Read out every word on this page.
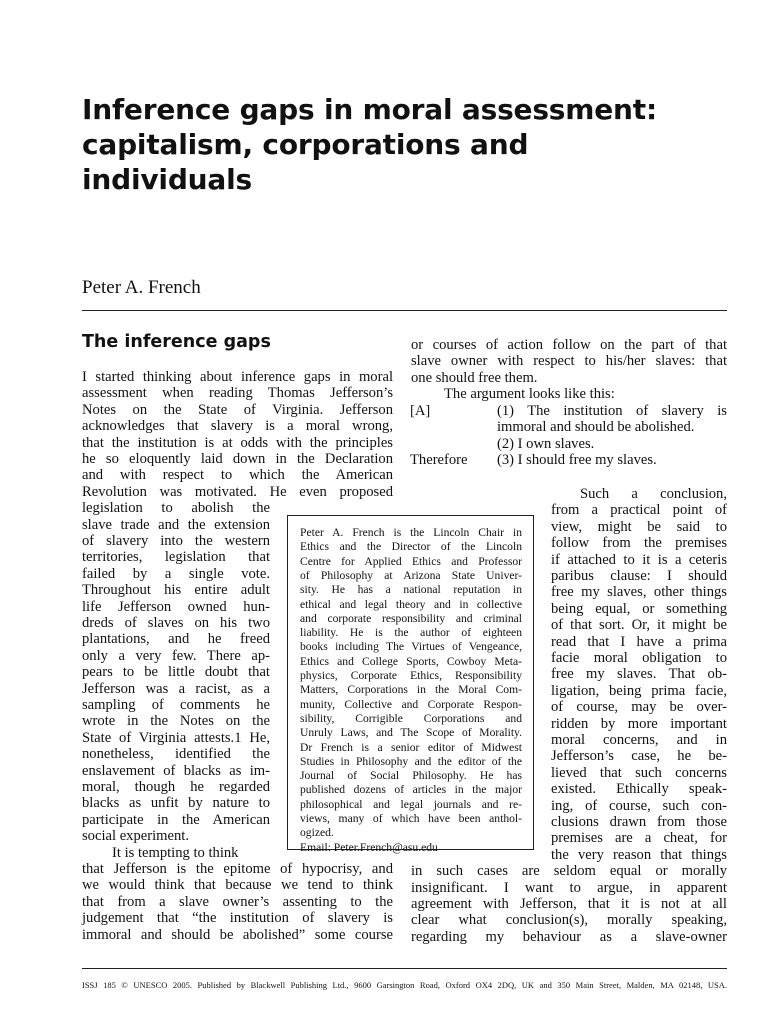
Inference gaps in moral assessment:
capitalism, corporations and
individuals
Peter A. French
The inference gaps
[A]	(1) The institution of slavery is
immoral and should be abolished.
(2) I own slaves.
Therefore (3) I should free my slaves.
Peter A. French is the Lincoln Chair in
Ethics and the Director of the Lincoln
Centre for Applied Ethics and Professor
of Philosophy at Arizona State Univer-
sity. He has a national reputation in
ethical and legal theory and in collective
and corporate responsibility and criminal
liability. He is the author of eighteen
books including The Virtues of Vengeance,
Ethics and College Sports, Cowboy Meta-
physics, Corporate Ethics, Responsibility
Matters, Corporations in the Moral Com-
munity, Collective and Corporate Respon-
sibility, Corrigible Corporations and
Unruly Laws, and The Scope of Morality.
Dr French is a senior editor of Midwest
Studies in Philosophy and the editor of the
Journal of Social Philosophy. He has
published dozens of articles in the major
philosophical and legal journals and re-
views, many of which have been anthol-
ogized.
Email: Peter.French@asu.edu
ISSJ 185 © UNESCO 2005. Published by Blackwell Publishing Ltd., 9600 Garsington Road, Oxford OX4 2DQ, UK and 350 Main Street, Malden, MA 02148, USA.
I started thinking about inference gaps in moral
assessment when reading Thomas Jefferson’s
Notes on the State of Virginia. Jefferson
acknowledges that slavery is a moral wrong,
that the institution is at odds with the principles
he so eloquently laid down in the Declaration
and with respect to which the American
Revolution was motivated. He even proposed
legislation to abolish the
slave trade and the extension
of slavery into the western
territories, legislation that
failed by a single vote.
Throughout his entire adult
life Jefferson owned hun-
dreds of slaves on his two
plantations, and he freed
only a very few. There ap-
pears to be little doubt that
Jefferson was a racist, as a
sampling of comments he
wrote in the Notes on the
State of Virginia attests.1 He,
nonetheless, identified the
enslavement of blacks as im-
moral, though he regarded
blacks as unfit by nature to
participate in the American
social experiment.
It is tempting to think
that Jefferson is the epitome of hypocrisy, and
we would think that because we tend to think
that from a slave owner’s assenting to the
judgement that “the institution of slavery is
immoral and should be abolished” some course
or courses of action follow on the part of that
slave owner with respect to his/her slaves: that
one should free them.
The argument looks like this:
Such a conclusion,
from a practical point of
view, might be said to
follow from the premises
if attached to it is a ceteris
paribus clause: I should
free my slaves, other things
being equal, or something
of that sort. Or, it might be
read that I have a prima
facie moral obligation to
free my slaves. That ob-
ligation, being prima facie,
of course, may be over-
ridden by more important
moral concerns, and in
Jefferson’s case, he be-
lieved that such concerns
existed. Ethically speak-
ing, of course, such con-
clusions drawn from those
premises are a cheat, for
the very reason that things
in such cases are seldom equal or morally
insignificant. I want to argue, in apparent
agreement with Jefferson, that it is not at all
clear what conclusion(s), morally speaking,
regarding my behaviour as a slave-owner
